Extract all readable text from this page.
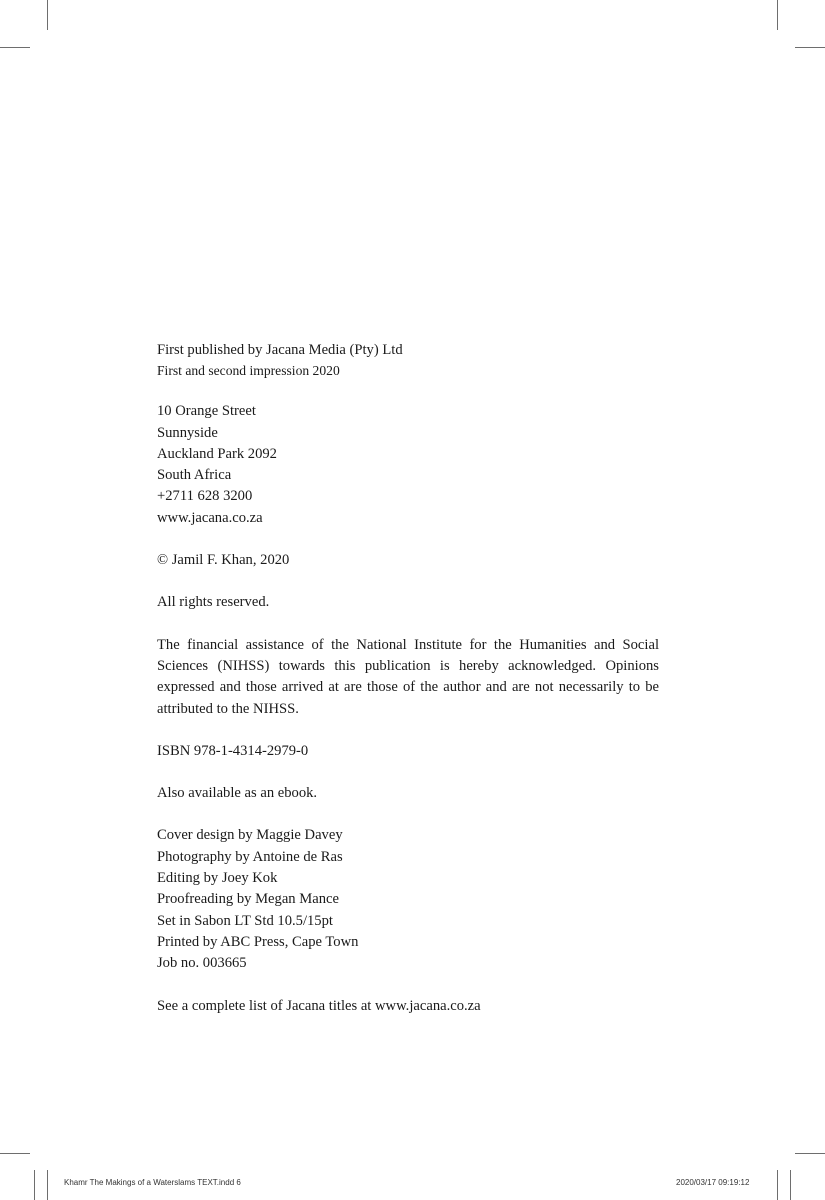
First published by Jacana Media (Pty) Ltd

First and second impression 2020

10 Orange Street

Sunnyside

Auckland Park 2092

South Africa

+2711 628 3200

www.jacana.co.za

© Jamil F. Khan, 2020

All rights reserved.

The financial assistance of the National Institute for the Humanities and Social Sciences (NIHSS) towards this publication is hereby acknowledged. Opinions expressed and those arrived at are those of the author and are not necessarily to be attributed to the NIHSS.

ISBN 978-1-4314-2979-0

Also available as an ebook.

Cover design by Maggie Davey

Photography by Antoine de Ras

Editing by Joey Kok

Proofreading by Megan Mance

Set in Sabon LT Std 10.5/15pt

Printed by ABC Press, Cape Town

Job no. 003665

See a complete list of Jacana titles at www.jacana.co.za

Khamr The Makings of a Waterslams TEXT.indd 6	2020/03/17 09:19:12
